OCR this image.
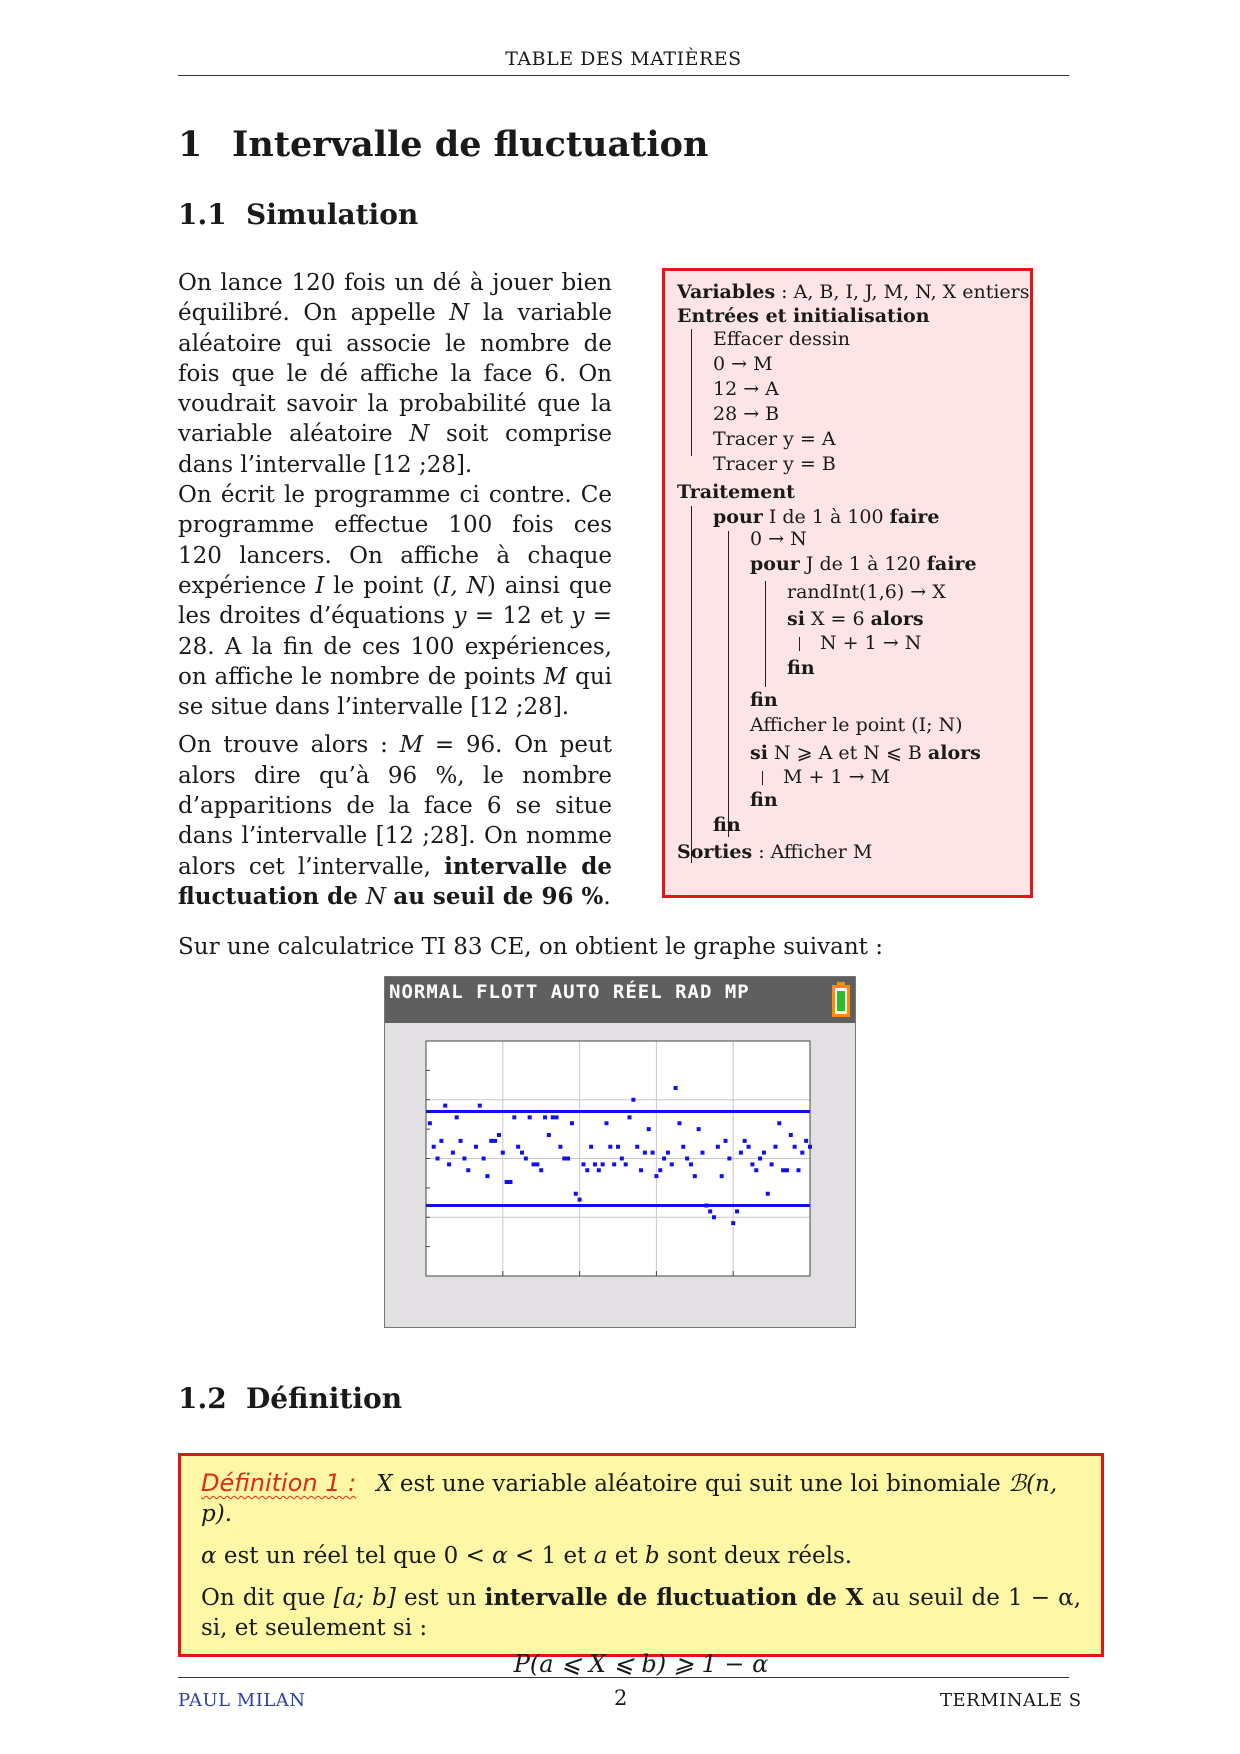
TABLE DES MATIÈRES
1 Intervalle de fluctuation
1.1 Simulation

On lance 120 fois un dé à jouer bien équilibré. On appelle N la variable aléatoire qui associe le nombre de fois que le dé affiche la face 6. On voudrait savoir la probabilité que la variable aléatoire N soit comprise dans l’intervalle [12 ;28].
On écrit le programme ci contre. Ce programme effectue 100 fois ces 120 lancers. On affiche à chaque expérience I le point (I, N) ainsi que les droites d’équations y = 12 et y = 28. A la fin de ces 100 expériences, on affiche le nombre de points M qui se situe dans l’intervalle [12 ;28].

On trouve alors : M = 96. On peut alors dire qu’à 96 %, le nombre d’apparitions de la face 6 se situe dans l’intervalle [12 ;28]. On nomme alors cet l’intervalle, intervalle de fluctuation de N au seuil de 96 %.

Variables : A, B, I, J, M, N, X entiers
Entrées et initialisation
Effacer dessin
0 → M
12 → A
28 → B
Tracer y = A
Tracer y = B
Traitement
pour I de 1 à 100 faire
0 → N
pour J de 1 à 120 faire
randInt(1,6) → X
si X = 6 alors
N + 1 → N
fin
fin
Afficher le point (I; N)
si N ⩾ A et N ⩽ B alors
M + 1 → M
fin
fin
Sorties : Afficher M
Sur une calculatrice TI 83 CE, on obtient le graphe suivant :
NORMAL FLOTT AUTO RÉEL RAD MP
1.2 Définition

Définition 1 : X est une variable aléatoire qui suit une loi binomiale ℬ(n, p).

α est un réel tel que 0 < α < 1 et a et b sont deux réels.

On dit que [a; b] est un intervalle de fluctuation de X au seuil de 1 − α, si, et seulement si :

P(a ⩽ X ⩽ b) ⩾ 1 − α
PAUL MILAN	2	TERMINALE S
